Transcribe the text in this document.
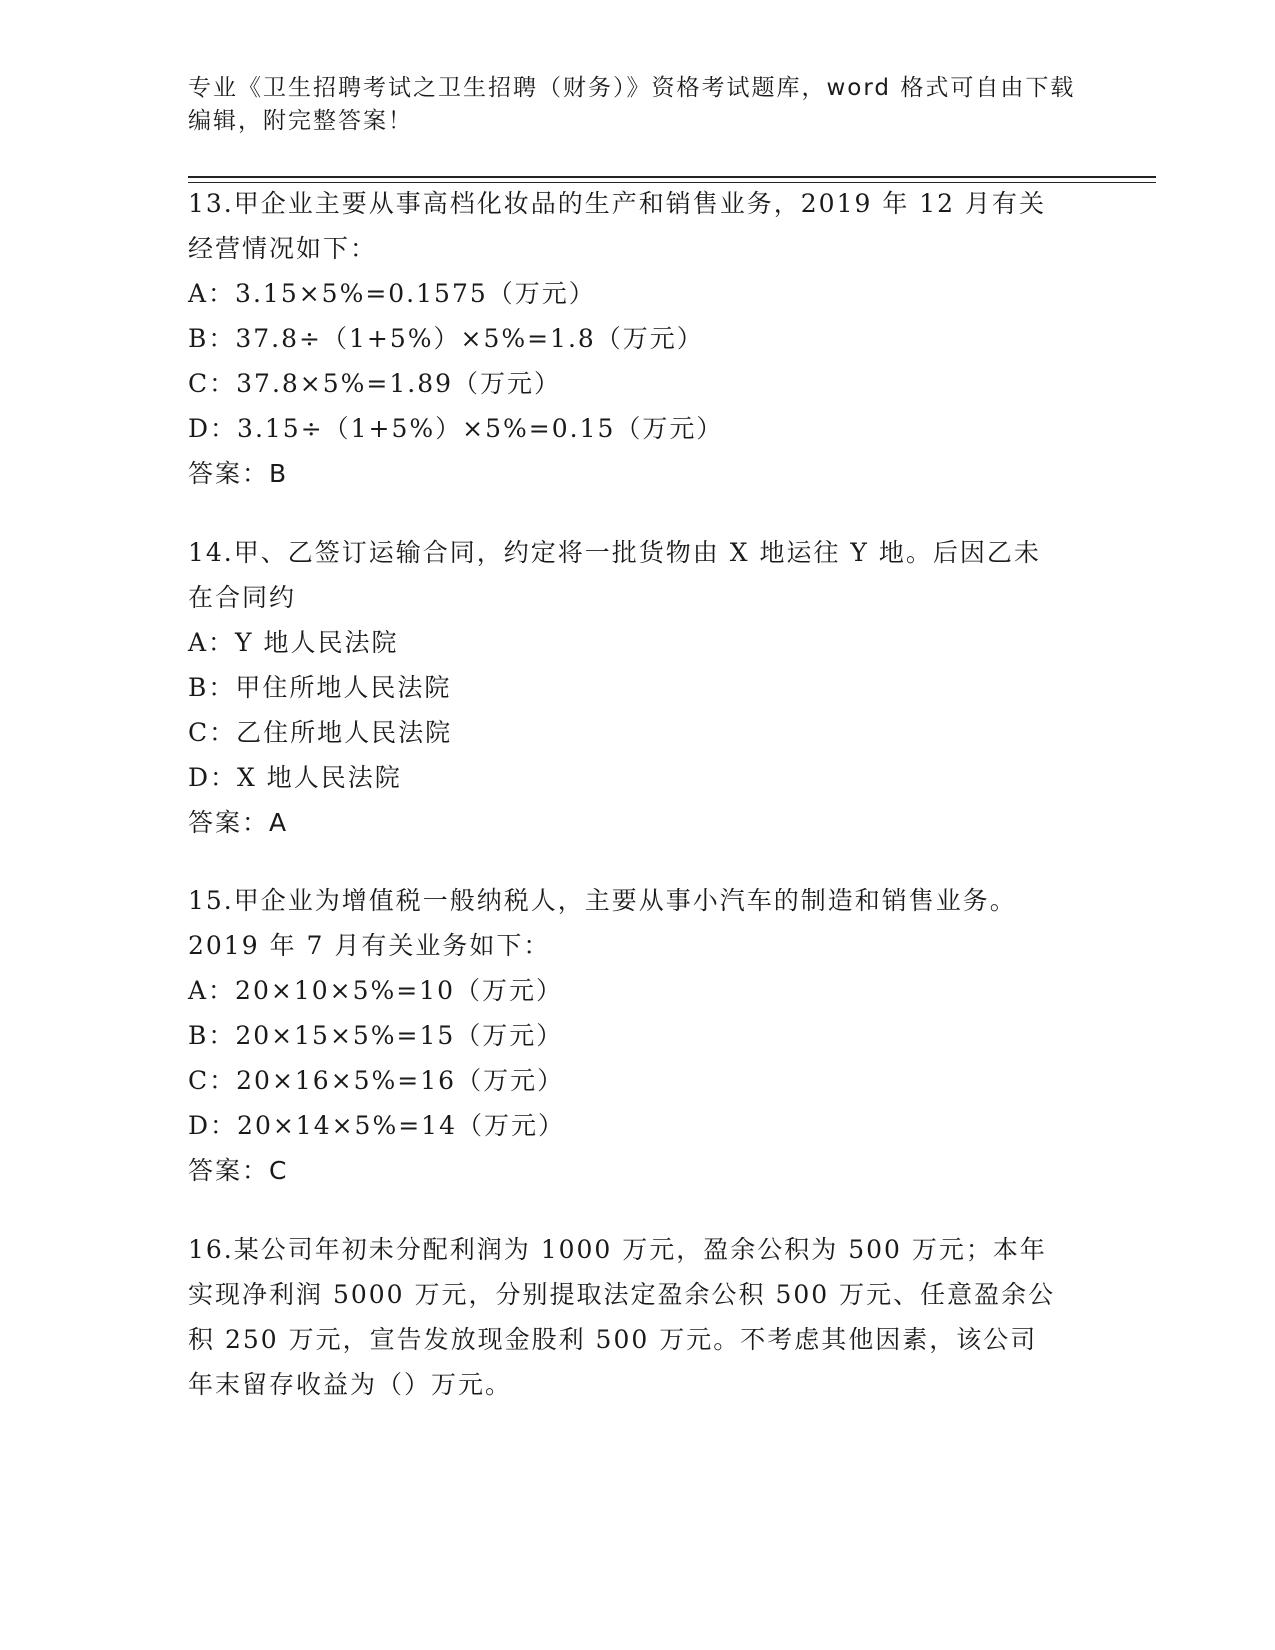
专业《卫生招聘考试之卫生招聘（财务）》资格考试题库，word 格式可自由下载
编辑，附完整答案！

13.甲企业主要从事高档化妆品的生产和销售业务，2019 年 12 月有关

经营情况如下：

A：3.15×5%=0.1575（万元）

B：37.8÷（1+5%）×5%=1.8（万元）

C：37.8×5%=1.89（万元）

D：3.15÷（1+5%）×5%=0.15（万元）

答案：B

14.甲、乙签订运输合同，约定将一批货物由 X 地运往 Y 地。后因乙未

在合同约

A：Y 地人民法院

B：甲住所地人民法院

C：乙住所地人民法院

D：X 地人民法院

答案：A

15.甲企业为增值税一般纳税人，主要从事小汽车的制造和销售业务。

2019 年 7 月有关业务如下：

A：20×10×5%=10（万元）

B：20×15×5%=15（万元）

C：20×16×5%=16（万元）

D：20×14×5%=14（万元）

答案：C

16.某公司年初未分配利润为 1000 万元，盈余公积为 500 万元；本年

实现净利润 5000 万元，分别提取法定盈余公积 500 万元、任意盈余公

积 250 万元，宣告发放现金股利 500 万元。不考虑其他因素，该公司

年末留存收益为（）万元。
